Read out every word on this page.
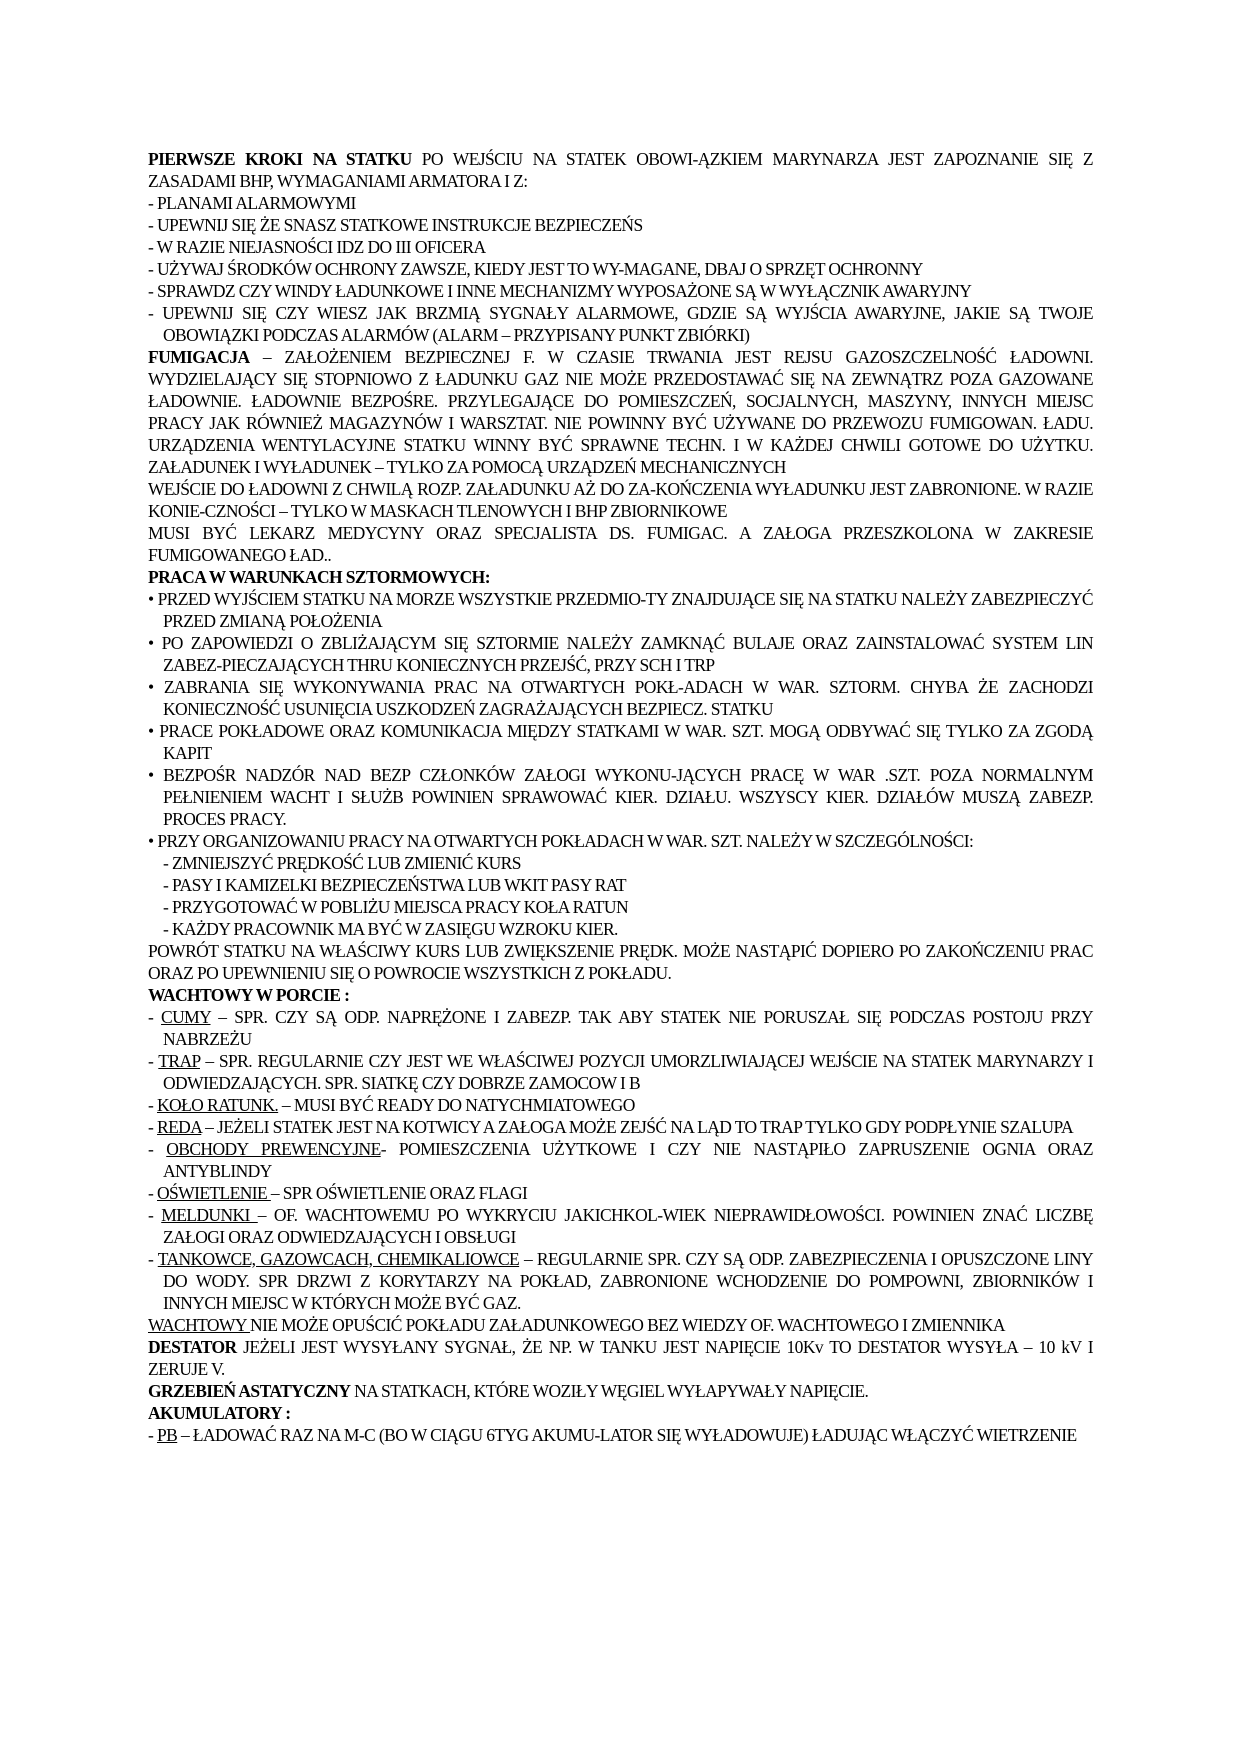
PIERWSZE KROKI NA STATKU PO WEJŚCIU NA STATEK OBOWI-ĄZKIEM MARYNARZA JEST ZAPOZNANIE SIĘ Z ZASADAMI BHP, WYMAGANIAMI ARMATORA I Z:

- PLANAMI ALARMOWYMI
- UPEWNIJ SIĘ ŻE SNASZ STATKOWE INSTRUKCJE BEZPIECZEŃS
- W RAZIE NIEJASNOŚCI IDZ DO III OFICERA
- UŻYWAJ ŚRODKÓW OCHRONY ZAWSZE, KIEDY JEST TO WY-MAGANE, DBAJ O SPRZĘT OCHRONNY
- SPRAWDZ CZY WINDY ŁADUNKOWE I INNE MECHANIZMY WYPOSAŻONE SĄ W WYŁĄCZNIK AWARYJNY
- UPEWNIJ SIĘ CZY WIESZ JAK BRZMIĄ SYGNAŁY ALARMOWE, GDZIE SĄ WYJŚCIA AWARYJNE, JAKIE SĄ TWOJE OBOWIĄZKI PODCZAS ALARMÓW (ALARM – PRZYPISANY PUNKT ZBIÓRKI)

FUMIGACJA – ZAŁOŻENIEM BEZPIECZNEJ F. W CZASIE TRWANIA JEST REJSU GAZOSZCZELNOŚĆ ŁADOWNI. WYDZIELAJĄCY SIĘ STOPNIOWO Z ŁADUNKU GAZ NIE MOŻE PRZEDOSTAWAĆ SIĘ NA ZEWNĄTRZ POZA GAZOWANE ŁADOWNIE. ŁADOWNIE BEZPOŚRE. PRZYLEGAJĄCE DO POMIESZCZEŃ, SOCJALNYCH, MASZYNY, INNYCH MIEJSC PRACY JAK RÓWNIEŻ MAGAZYNÓW I WARSZTAT. NIE POWINNY BYĆ UŻYWANE DO PRZEWOZU FUMIGOWAN. ŁADU. URZĄDZENIA WENTYLACYJNE STATKU WINNY BYĆ SPRAWNE TECHN. I W KAŻDEJ CHWILI GOTOWE DO UŻYTKU. ZAŁADUNEK I WYŁADUNEK – TYLKO ZA POMOCĄ URZĄDZEŃ MECHANICZNYCH

WEJŚCIE DO ŁADOWNI Z CHWILĄ ROZP. ZAŁADUNKU AŻ DO ZA-KOŃCZENIA WYŁADUNKU JEST ZABRONIONE. W RAZIE KONIE-CZNOŚCI – TYLKO W MASKACH TLENOWYCH I BHP ZBIORNIKOWE

MUSI BYĆ LEKARZ MEDYCYNY ORAZ SPECJALISTA DS. FUMIGAC. A ZAŁOGA PRZESZKOLONA W ZAKRESIE FUMIGOWANEGO ŁAD..

PRACA W WARUNKACH SZTORMOWYCH:

• PRZED WYJŚCIEM STATKU NA MORZE WSZYSTKIE PRZEDMIO-TY ZNAJDUJĄCE SIĘ NA STATKU NALEŻY ZABEZPIECZYĆ PRZED ZMIANĄ POŁOŻENIA
• PO ZAPOWIEDZI O ZBLIŻAJĄCYM SIĘ SZTORMIE NALEŻY ZAMKNĄĆ BULAJE ORAZ ZAINSTALOWAĆ SYSTEM LIN ZABEZ-PIECZAJĄCYCH THRU KONIECZNYCH PRZEJŚĆ, PRZY SCH I TRP
• ZABRANIA SIĘ WYKONYWANIA PRAC NA OTWARTYCH POKŁ-ADACH W WAR. SZTORM. CHYBA ŻE ZACHODZI KONIECZNOŚĆ USUNIĘCIA USZKODZEŃ ZAGRAŻAJĄCYCH BEZPIECZ. STATKU
• PRACE POKŁADOWE ORAZ KOMUNIKACJA MIĘDZY STATKAMI W WAR. SZT. MOGĄ ODBYWAĆ SIĘ TYLKO ZA ZGODĄ KAPIT
• BEZPOŚR NADZÓR NAD BEZP CZŁONKÓW ZAŁOGI WYKONU-JĄCYCH PRACĘ W WAR .SZT. POZA NORMALNYM PEŁNIENIEM WACHT I SŁUŻB POWINIEN SPRAWOWAĆ KIER. DZIAŁU. WSZYSCY KIER. DZIAŁÓW MUSZĄ ZABEZP. PROCES PRACY.
• PRZY ORGANIZOWANIU PRACY NA OTWARTYCH POKŁADACH W WAR. SZT. NALEŻY W SZCZEGÓLNOŚCI:
- ZMNIEJSZYĆ PRĘDKOŚĆ LUB ZMIENIĆ KURS
- PASY I KAMIZELKI BEZPIECZEŃSTWA LUB WKIT PASY RAT
- PRZYGOTOWAĆ W POBLIŻU MIEJSCA PRACY KOŁA RATUN
- KAŻDY PRACOWNIK MA BYĆ W ZASIĘGU WZROKU KIER.

POWRÓT STATKU NA WŁAŚCIWY KURS LUB ZWIĘKSZENIE PRĘDK. MOŻE NASTĄPIĆ DOPIERO PO ZAKOŃCZENIU PRAC ORAZ PO UPEWNIENIU SIĘ O POWROCIE WSZYSTKICH Z POKŁADU.

WACHTOWY W PORCIE :

- CUMY – SPR. CZY SĄ ODP. NAPRĘŻONE I ZABEZP. TAK ABY STATEK NIE PORUSZAŁ SIĘ PODCZAS POSTOJU PRZY NABRZEŻU
- TRAP – SPR. REGULARNIE CZY JEST WE WŁAŚCIWEJ POZYCJI UMORZLIWIAJĄCEJ WEJŚCIE NA STATEK MARYNARZY I ODWIEDZAJĄCYCH. SPR. SIATKĘ CZY DOBRZE ZAMOCOW I B
- KOŁO RATUNK. – MUSI BYĆ READY DO NATYCHMIATOWEGO
- REDA – JEŻELI STATEK JEST NA KOTWICY A ZAŁOGA MOŻE ZEJŚĆ NA LĄD TO TRAP TYLKO GDY PODPŁYNIE SZALUPA
- OBCHODY PREWENCYJNE- POMIESZCZENIA UŻYTKOWE I CZY NIE NASTĄPIŁO ZAPRUSZENIE OGNIA ORAZ ANTYBLINDY
- OŚWIETLENIE – SPR OŚWIETLENIE ORAZ FLAGI
- MELDUNKI – OF. WACHTOWEMU PO WYKRYCIU JAKICHKOL-WIEK NIEPRAWIDŁOWOŚCI. POWINIEN ZNAĆ LICZBĘ ZAŁOGI ORAZ ODWIEDZAJĄCYCH I OBSŁUGI
- TANKOWCE, GAZOWCACH, CHEMIKALIOWCE – REGULARNIE SPR. CZY SĄ ODP. ZABEZPIECZENIA I OPUSZCZONE LINY DO WODY. SPR DRZWI Z KORYTARZY NA POKŁAD, ZABRONIONE WCHODZENIE DO POMPOWNI, ZBIORNIKÓW I INNYCH MIEJSC W KTÓRYCH MOŻE BYĆ GAZ.

WACHTOWY NIE MOŻE OPUŚCIĆ POKŁADU ZAŁADUNKOWEGO BEZ WIEDZY OF. WACHTOWEGO I ZMIENNIKA

DESTATOR JEŻELI JEST WYSYŁANY SYGNAŁ, ŻE NP. W TANKU JEST NAPIĘCIE 10Kv TO DESTATOR WYSYŁA – 10 kV I ZERUJE V.

GRZEBIEŃ ASTATYCZNY NA STATKACH, KTÓRE WOZIŁY WĘGIEL WYŁAPYWAŁY NAPIĘCIE.

AKUMULATORY :

- PB – ŁADOWAĆ RAZ NA M-C (BO W CIĄGU 6TYG AKUMU-LATOR SIĘ WYŁADOWUJE) ŁADUJĄC WŁĄCZYĆ WIETRZENIE
